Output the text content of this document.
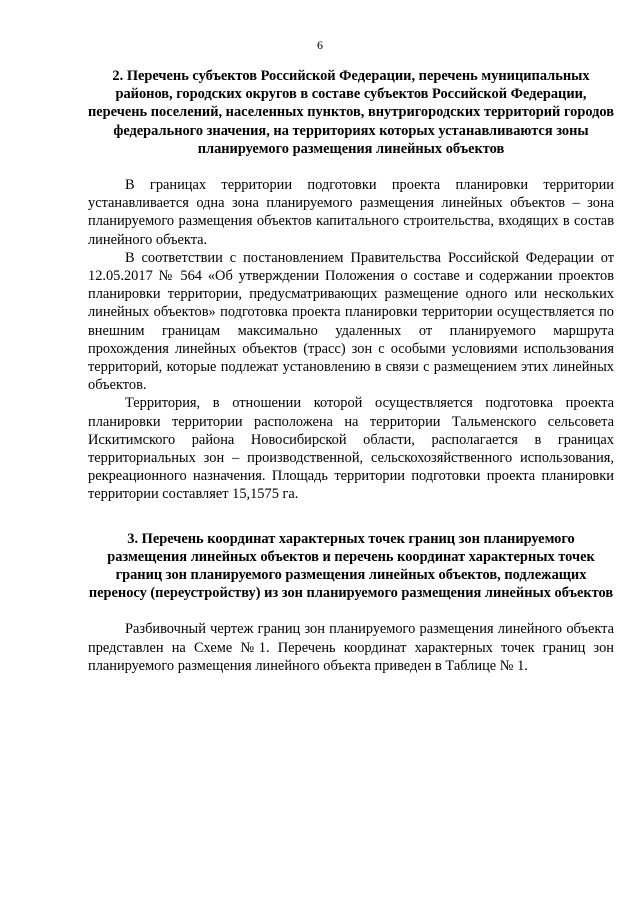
6
2. Перечень субъектов Российской Федерации, перечень муниципальных районов, городских округов в составе субъектов Российской Федерации, перечень поселений, населенных пунктов, внутригородских территорий городов федерального значения, на территориях которых устанавливаются зоны планируемого размещения линейных объектов

В границах территории подготовки проекта планировки территории устанавливается одна зона планируемого размещения линейных объектов – зона планируемого размещения объектов капитального строительства, входящих в состав линейного объекта.

В соответствии с постановлением Правительства Российской Федерации от 12.05.2017 № 564 «Об утверждении Положения о составе и содержании проектов планировки территории, предусматривающих размещение одного или нескольких линейных объектов» подготовка проекта планировки территории осуществляется по внешним границам максимально удаленных от планируемого маршрута прохождения линейных объектов (трасс) зон с особыми условиями использования территорий, которые подлежат установлению в связи с размещением этих линейных объектов.

Территория, в отношении которой осуществляется подготовка проекта планировки территории расположена на территории Тальменского сельсовета Искитимского района Новосибирской области, располагается в границах территориальных зон – производственной, сельскохозяйственного использования, рекреационного назначения. Площадь территории подготовки проекта планировки территории составляет 15,1575 га.

3. Перечень координат характерных точек границ зон планируемого размещения линейных объектов и перечень координат характерных точек границ зон планируемого размещения линейных объектов, подлежащих переносу (переустройству) из зон планируемого размещения линейных объектов

Разбивочный чертеж границ зон планируемого размещения линейного объекта представлен на Схеме №1. Перечень координат характерных точек границ зон планируемого размещения линейного объекта приведен в Таблице № 1.
